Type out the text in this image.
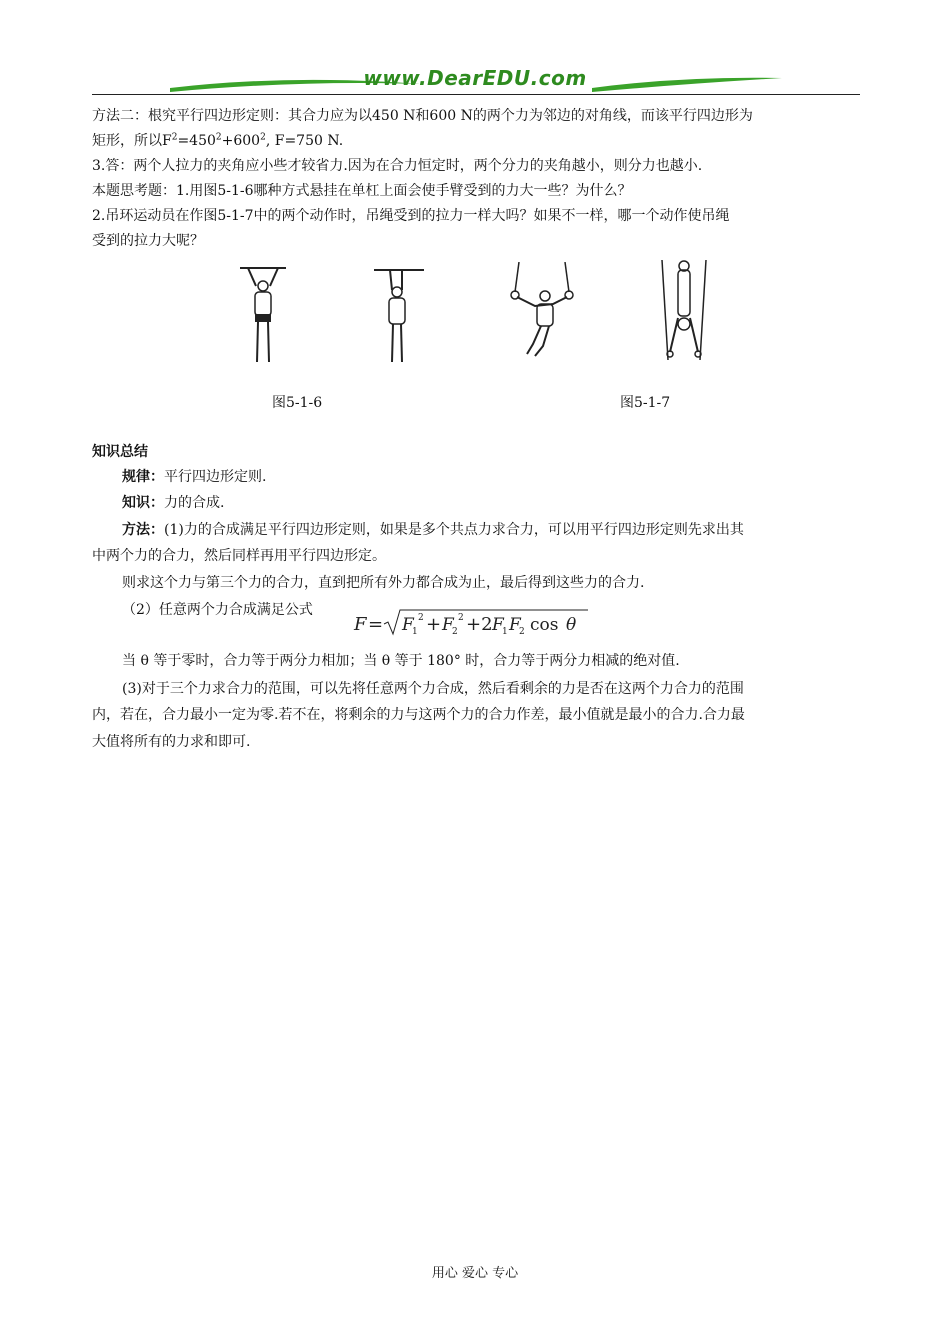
www.DearEDU.com
方法二：根究平行四边形定则：其合力应为以450 N和600 N的两个力为邻边的对角线，而该平行四边形为
矩形，所以$F^2=450^2+600^2$, F=750 N.
3.答：两个人拉力的夹角应小些才较省力.因为在合力恒定时，两个分力的夹角越小，则分力也越小.
本题思考题：1.用图5-1-6哪种方式悬挂在单杠上面会使手臂受到的力大一些？为什么？
2.吊环运动员在作图5-1-7中的两个动作时，吊绳受到的拉力一样大吗？如果不一样，哪一个动作使吊绳
受到的拉力大呢？
图5-1-6	图5-1-7
知识总结
规律：平行四边形定则.
知识：力的合成.
方法：(1)力的合成满足平行四边形定则，如果是多个共点力求合力，可以用平行四边形定则先求出其
中两个力的合力，然后同样再用平行四边形定。
则求这个力与第三个力的合力，直到把所有外力都合成为止，最后得到这些力的合力.
（2）任意两个力合成满足公式
F = F
1
2 + F
2
2 +2 F
1 F
2 cos θ
当 θ 等于零时，合力等于两分力相加；当 θ 等于 180° 时，合力等于两分力相减的绝对值.
(3)对于三个力求合力的范围，可以先将任意两个力合成，然后看剩余的力是否在这两个力合力的范围
内，若在，合力最小一定为零.若不在，将剩余的力与这两个力的合力作差，最小值就是最小的合力.合力最
大值将所有的力求和即可.
用心 爱心 专心
